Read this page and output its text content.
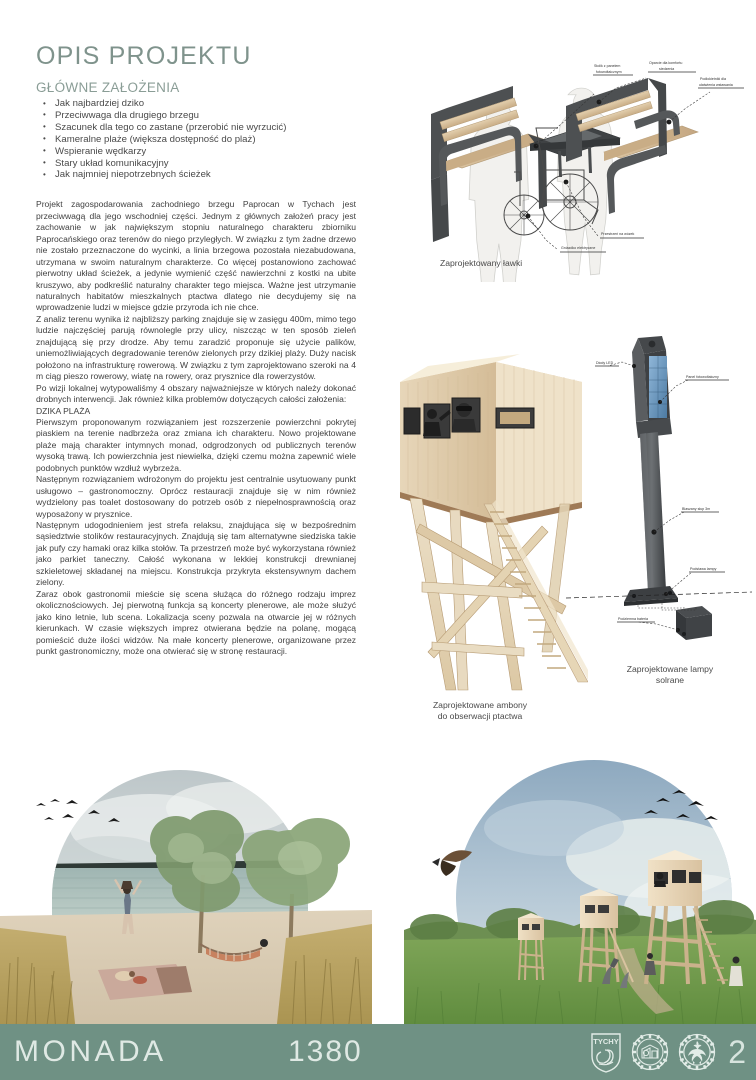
OPIS PROJEKTU
GŁÓWNE ZAŁOŻENIA
• Jak najbardziej dziko
• Przeciwwaga dla drugiego brzegu
• Szacunek dla tego co zastane (przerobić nie wyrzucić)
• Kameralne plaże (większa dostępność do plaż)
• Wspieranie wędkarzy
• Stary układ komunikacyjny
• Jak najmniej niepotrzebnych ścieżek

Projekt zagospodarowania zachodniego brzegu Paprocan w Tychach jest przeciwwagą dla jego wschodniej części. Jednym z głównych założeń pracy jest zachowanie w jak największym stopniu naturalnego charakteru zbiorniku Paprocańskiego oraz terenów do niego przyległych. W związku z tym żadne drzewo nie zostało przeznaczone do wycinki, a linia brzegowa pozostała niezabudowana, utrzymana w swoim naturalnym charakterze. Co więcej postanowiono zachować pierwotny układ ścieżek, a jedynie wymienić część nawierzchni z kostki na ubite kruszywo, aby podkreślić naturalny charakter tego miejsca. Ważne jest utrzymanie naturalnych habitatów mieszkalnych ptactwa dlatego nie decydujemy się na wprowadzenie ludzi w miejsce gdzie przyroda ich nie chce.

Z analiz terenu wynika iż najbliższy parking znajduje się w zasięgu 400m, mimo tego ludzie najczęściej parują równolegle przy ulicy, niszcząc w ten sposób zieleń znajdującą się przy drodze. Aby temu zaradzić proponuje się użycie palików, uniemożliwiających degradowanie terenów zielonych przy dzikiej plaży. Duży nacisk położono na infrastrukturę rowerową. W związku z tym zaprojektowano szeroki na 4 m ciąg pieszo rowerowy, wiatę na rowery, oraz prysznice dla rowerzystów.

Po wizji lokalnej wytypowaliśmy 4 obszary najważniejsze w których należy dokonać drobnych interwencji. Jak również kilka problemów dotyczących całości założenia:

DZIKA PLAŻA

Pierwszym proponowanym rozwiązaniem jest rozszerzenie powierzchni pokrytej piaskiem na terenie nadbrzeża oraz zmiana ich charakteru. Nowo projektowane plaże mają charakter intymnych monad, odgrodzonych od publicznych terenów wysoką trawą. Ich powierzchnia jest niewielka, dzięki czemu można zapewnić wiele podobnych punktów wzdłuż wybrzeża.

Następnym rozwiązaniem wdrożonym do projektu jest centralnie usytuowany punkt usługowo – gastronomoczny. Oprócz restauracji znajduje się w nim również wydzielony pas toalet dostosowany do potrzeb osób z niepełnosprawnością oraz wyposażony w prysznice.

Następnym udogodnieniem jest strefa relaksu, znajdująca się w bezpośrednim sąsiedztwie stolików restauracyjnych. Znajdują się tam alternatywne siedziska takie jak pufy czy hamaki oraz kilka stołów. Ta przestrzeń może być wykorzystana również jako parkiet taneczny. Całość wykonana w lekkiej konstrukcji drewnianej szkieletowej składanej na miejscu. Konstrukcja przykryta ekstensywnym dachem zielony.

Zaraz obok gastronomii mieście się scena służąca do różnego rodzaju imprez okolicznościowych. Jej pierwotną funkcja są koncerty plenerowe, ale może służyć jako kino letnie, lub scena. Lokalizacja sceny pozwala na otwarcie jej w różnych kierunkach. W czasie większych imprez otwierana będzie na polanę, mogącą pomieścić duże ilości widzów. Na małe koncerty plenerowe, organizowane przez punkt gastronomiczny, może ona otwierać się w stronę restauracji.

Stolik z panelem
fotowoltaicznym
Oparcie dla komfortu
siedzenia
Podłokietniki dla
ułatwienia wstawania
Przestrzeń na wózek
Gniazdko elektryczne
Zaprojektowany ławki
Zaprojektowane ambony
do obserwacji ptactwa
Diody LED
Panel fotowoltaiczny
Blaszany słup 3m
Podstawa lampy
Podziemna bateria
Zaprojektowane lampy
solrane
MONADA	1380	TYCHY	2
